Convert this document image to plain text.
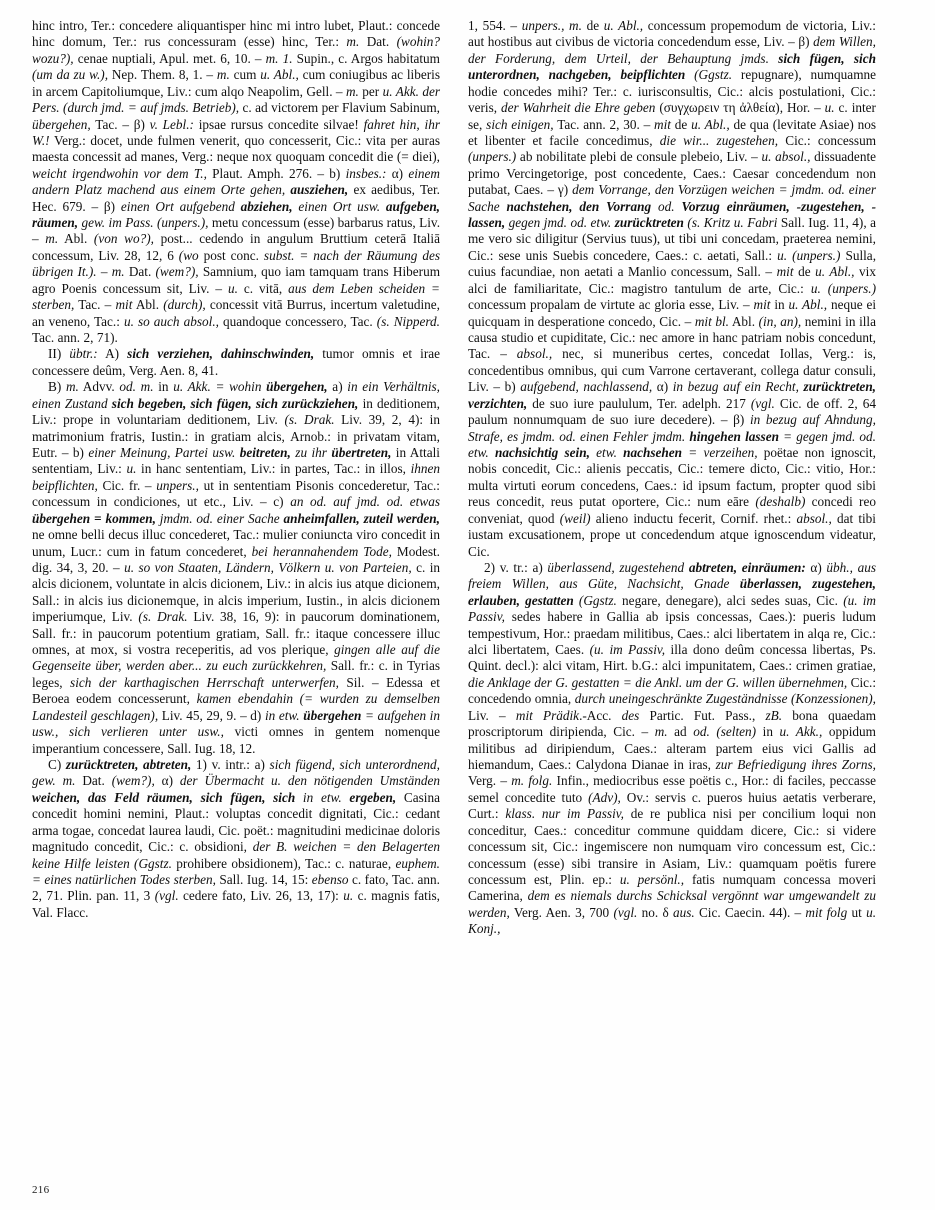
hinc intro, Ter.: concedere aliquantisper hinc mi intro lubet, Plaut.: concede hinc domum, Ter.: rus concessuram (esse) hinc, Ter.: m. Dat. (wohin? wozu?), cenae nuptiali, Apul. met. 6, 10. – m. 1. Supin., c. Argos habitatum (um da zu w.), Nep. Them. 8, 1. – m. cum u. Abl., cum coniugibus ac liberis in arcem Capitoliumque, Liv.: cum alqo Neapolim, Gell. – m. per u. Akk. der Pers. (durch jmd. = auf jmds. Betrieb), c. ad victorem per Flavium Sabinum, übergehen, Tac. – β) v. Lebl.: ipsae rursus concedite silvae! fahret hin, ihr W.! Verg.: docet, unde fulmen venerit, quo concesserit, Cic.: vita per auras maesta concessit ad manes, Verg.: neque nox quoquam concedit die (= diei), weicht irgendwohin vor dem T., Plaut. Amph. 276. – b) insbes.: α) einem andern Platz machend aus einem Orte gehen, ausziehen, ex aedibus, Ter. Hec. 679. – β) einen Ort aufgebend abziehen, einen Ort usw. aufgeben, räumen, gew. im Pass. (unpers.), metu concessum (esse) barbarus ratus, Liv. – m. Abl. (von wo?), post... cedendo in angulum Bruttium ceterā Italiā concessum, Liv. 28, 12, 6 (wo post conc. subst. = nach der Räumung des übrigen It.). – m. Dat. (wem?), Samnium, quo iam tamquam trans Hiberum agro Poenis concessum sit, Liv. – u. c. vitā, aus dem Leben scheiden = sterben, Tac. – mit Abl. (durch), concessit vitā Burrus, incertum valetudine, an veneno, Tac.: u. so auch absol., quandoque concessero, Tac. (s. Nipperd. Tac. ann. 2, 71).

II) übtr.: A) sich verziehen, dahinschwinden, tumor omnis et irae concessere deûm, Verg. Aen. 8, 41.

B) m. Advv. od. m. in u. Akk. = wohin übergehen, a) in ein Verhältnis, einen Zustand sich begeben, sich fügen, sich zurückziehen, in deditionem, Liv.: prope in voluntariam deditionem, Liv. (s. Drak. Liv. 39, 2, 4): in matrimonium fratris, Iustin.: in gratiam alcis, Arnob.: in privatam vitam, Eutr. – b) einer Meinung, Partei usw. beitreten, zu ihr übertreten, in Attali sententiam, Liv.: u. in hanc sententiam, Liv.: in partes, Tac.: in illos, ihnen beipflichten, Cic. fr. – unpers., ut in sententiam Pisonis concederetur, Tac.: concessum in condiciones, ut etc., Liv. – c) an od. auf jmd. od. etwas übergehen = kommen, jmdm. od. einer Sache anheimfallen, zuteil werden, ne omne belli decus illuc concederet, Tac.: mulier coniuncta viro concedit in unum, Lucr.: cum in fatum concederet, bei herannahendem Tode, Modest. dig. 34, 3, 20. – u. so von Staaten, Ländern, Völkern u. von Parteien, c. in alcis dicionem, voluntate in alcis dicionem, Liv.: in alcis ius atque dicionem, Sall.: in alcis ius dicionemque, in alcis imperium, Iustin., in alcis dicionem imperiumque, Liv. (s. Drak. Liv. 38, 16, 9): in paucorum dominationem, Sall. fr.: in paucorum potentium gratiam, Sall. fr.: itaque concessere illuc omnes, at mox, si vostra receperitis, ad vos plerique, gingen alle auf die Gegenseite über, werden aber... zu euch zurückkehren, Sall. fr.: c. in Tyrias leges, sich der karthagischen Herrschaft unterwerfen, Sil. – Edessa et Beroea eodem concesserunt, kamen ebendahin (= wurden zu demselben Landesteil geschlagen), Liv. 45, 29, 9. – d) in etw. übergehen = aufgehen in usw., sich verlieren unter usw., victi omnes in gentem nomenque imperantium concessere, Sall. Iug. 18, 12.

C) zurücktreten, abtreten, 1) v. intr.: a) sich fügend, sich unterordnend, gew. m. Dat. (wem?), α) der Übermacht u. den nötigenden Umständen weichen, das Feld räumen, sich fügen, sich in etw. ergeben, Casina concedit homini nemini, Plaut.: voluptas concedit dignitati, Cic.: cedant arma togae, concedat laurea laudi, Cic. poët.: magnitudini medicinae doloris magnitudo concedit, Cic.: c. obsidioni, der B. weichen = den Belagerten keine Hilfe leisten (Ggstz. prohibere obsidionem), Tac.: c. naturae, euphem. = eines natürlichen Todes sterben, Sall. Iug. 14, 15: ebenso c. fato, Tac. ann. 2, 71. Plin. pan. 11, 3 (vgl. cedere fato, Liv. 26, 13, 17): u. c. magnis fatis, Val. Flacc.

1, 554. – unpers., m. de u. Abl., concessum propemodum de victoria, Liv.: aut hostibus aut civibus de victoria concedendum esse, Liv. – β) dem Willen, der Forderung, dem Urteil, der Behauptung jmds. sich fügen, sich unterordnen, nachgeben, beipflichten (Ggstz. repugnare), numquamne hodie concedes mihi? Ter.: c. iurisconsultis, Cic.: alcis postulationi, Cic.: veris, der Wahrheit die Ehre geben (συγχωρειν τη ἀλθεία), Hor. – u. c. inter se, sich einigen, Tac. ann. 2, 30. – mit de u. Abl., de qua (levitate Asiae) nos et libenter et facile concedimus, die wir... zugestehen, Cic.: concessum (unpers.) ab nobilitate plebi de consule plebeio, Liv. – u. absol., dissuadente primo Vercingetorige, post concedente, Caes.: Caesar concedendum non putabat, Caes. – γ) dem Vorrange, den Vorzügen weichen = jmdm. od. einer Sache nachstehen, den Vorrang od. Vorzug einräumen, -zugestehen, -lassen, gegen jmd. od. etw. zurücktreten (s. Kritz u. Fabri Sall. Iug. 11, 4), a me vero sic diligitur (Servius tuus), ut tibi uni concedam, praeterea nemini, Cic.: sese unis Suebis concedere, Caes.: c. aetati, Sall.: u. (unpers.) Sulla, cuius facundiae, non aetati a Manlio concessum, Sall. – mit de u. Abl., vix alci de familiaritate, Cic.: magistro tantulum de arte, Cic.: u. (unpers.) concessum propalam de virtute ac gloria esse, Liv. – mit in u. Abl., neque ei quicquam in desperatione concedo, Cic. – mit bl. Abl. (in, an), nemini in illa causa studio et cupiditate, Cic.: nec amore in hanc patriam nobis concedunt, Tac. – absol., nec, si muneribus certes, concedat Iollas, Verg.: is, concedentibus omnibus, qui cum Varrone certaverant, collega datur consuli, Liv. – b) aufgebend, nachlassend, α) in bezug auf ein Recht, zurücktreten, verzichten, de suo iure paululum, Ter. adelph. 217 (vgl. Cic. de off. 2, 64 paulum nonnumquam de suo iure decedere). – β) in bezug auf Ahndung, Strafe, es jmdm. od. einen Fehler jmdm. hingehen lassen = gegen jmd. od. etw. nachsichtig sein, etw. nachsehen = verzeihen, poëtae non ignoscit, nobis concedit, Cic.: alienis peccatis, Cic.: temere dicto, Cic.: vitio, Hor.: multa virtuti eorum concedens, Caes.: id ipsum factum, propter quod sibi reus concedit, reus putat oportere, Cic.: num eāre (deshalb) concedi reo conveniat, quod (weil) alieno inductu fecerit, Cornif. rhet.: absol., dat tibi iustam excusationem, prope ut concedendum atque ignoscendum videatur, Cic.

2) v. tr.: a) überlassend, zugestehend abtreten, einräumen: α) übh., aus freiem Willen, aus Güte, Nachsicht, Gnade überlassen, zugestehen, erlauben, gestatten (Ggstz. negare, denegare), alci sedes suas, Cic. (u. im Passiv, sedes habere in Gallia ab ipsis concessas, Caes.): pueris ludum tempestivum, Hor.: praedam militibus, Caes.: alci libertatem in alqa re, Cic.: alci libertatem, Caes. (u. im Passiv, illa dono deûm concessa libertas, Ps. Quint. decl.): alci vitam, Hirt. b.G.: alci impunitatem, Caes.: crimen gratiae, die Anklage der G. gestatten = die Ankl. um der G. willen übernehmen, Cic.: concedendo omnia, durch uneingeschränkte Zugeständnisse (Konzessionen), Liv. – mit Prädik.-Acc. des Partic. Fut. Pass., zB. bona quaedam proscriptorum diripienda, Cic. – m. ad od. (selten) in u. Akk., oppidum militibus ad diripiendum, Caes.: alteram partem eius vici Gallis ad hiemandum, Caes.: Calydona Dianae in iras, zur Befriedigung ihres Zorns, Verg. – m. folg. Infin., mediocribus esse poëtis c., Hor.: di faciles, peccasse semel concedite tuto (Adv), Ov.: servis c. pueros huius aetatis verberare, Curt.: klass. nur im Passiv, de re publica nisi per concilium loqui non conceditur, Caes.: conceditur commune quiddam dicere, Cic.: si videre concessum sit, Cic.: ingemiscere non numquam viro concessum est, Cic.: concessum (esse) sibi transire in Asiam, Liv.: quamquam poëtis furere concessum est, Plin. ep.: u. persönl., fatis numquam concessa moveri Camerina, dem es niemals durchs Schicksal vergönnt war umgewandelt zu werden, Verg. Aen. 3, 700 (vgl. no. δ aus. Cic. Caecin. 44). – mit folg ut u. Konj.,

216
